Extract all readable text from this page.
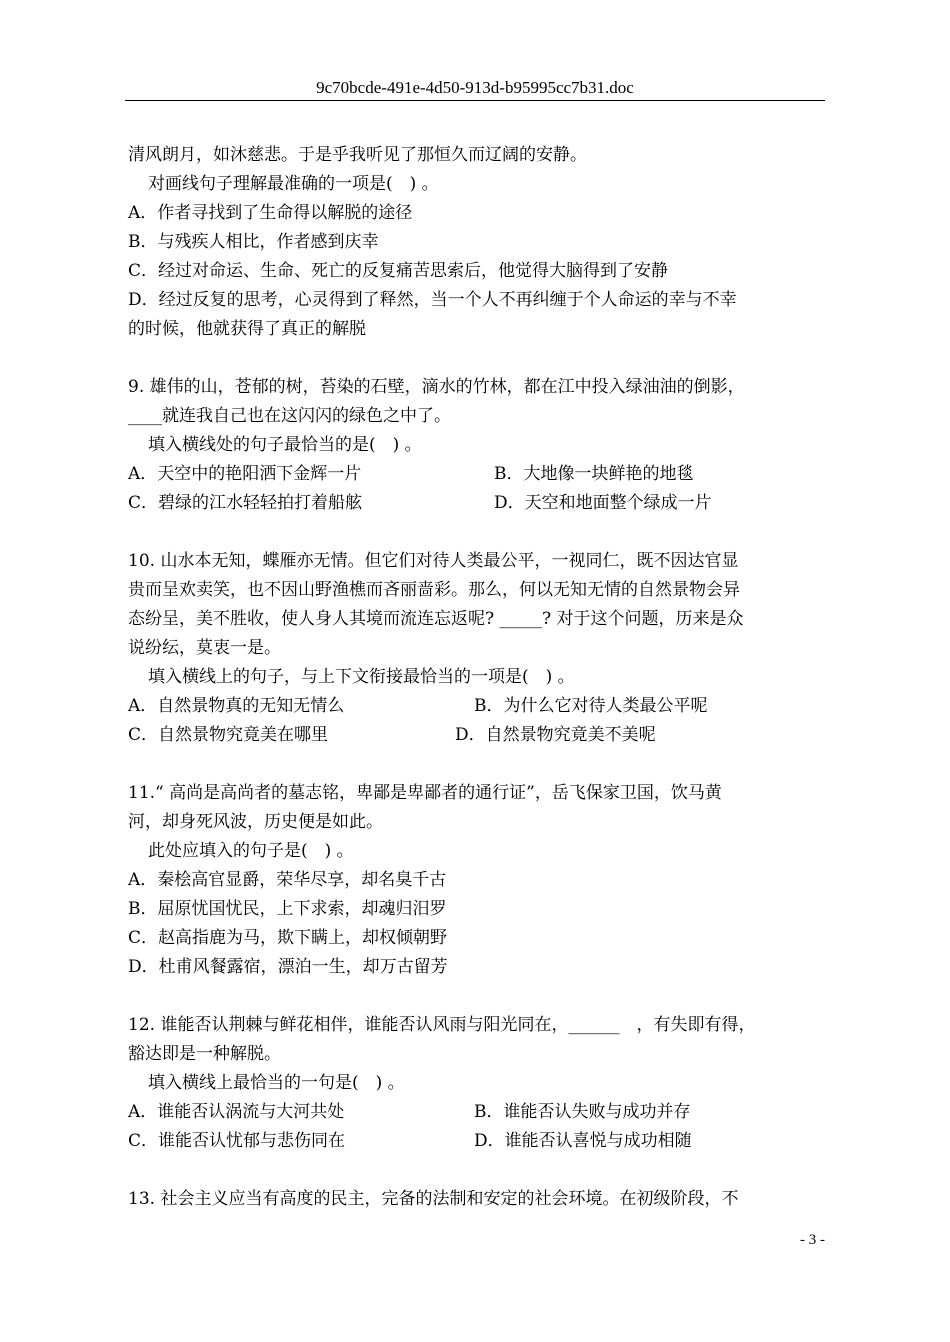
9c70bcde-491e-4d50-913d-b95995cc7b31.doc
清风朗月，如沐慈悲。于是乎我听见了那恒久而辽阔的安静。
对画线句子理解最准确的一项是(　) 。
A．作者寻找到了生命得以解脱的途径
B．与残疾人相比，作者感到庆幸
C．经过对命运、生命、死亡的反复痛苦思索后，他觉得大脑得到了安静
D．经过反复的思考，心灵得到了释然，当一个人不再纠缠于个人命运的幸与不幸
的时候，他就获得了真正的解脱
9. 雄伟的山，苍郁的树，苔染的石壁，滴水的竹林，都在江中投入绿油油的倒影，
____就连我自己也在这闪闪的绿色之中了。
填入横线处的句子最恰当的是(　) 。
A．天空中的艳阳洒下金辉一片	B．大地像一块鲜艳的地毯
C．碧绿的江水轻轻拍打着船舷	D．天空和地面整个绿成一片
10. 山水本无知，蝶雁亦无情。但它们对待人类最公平，一视同仁，既不因达官显
贵而呈欢卖笑，也不因山野渔樵而吝丽啬彩。那么，何以无知无情的自然景物会异
态纷呈，美不胜收，使人身人其境而流连忘返呢? _____? 对于这个问题，历来是众
说纷纭，莫衷一是。
填入横线上的句子，与上下文衔接最恰当的一项是(　) 。
A．自然景物真的无知无情么	B．为什么它对待人类最公平呢
C．自然景物究竟美在哪里	D．自然景物究竟美不美呢
11.“ 高尚是高尚者的墓志铭，卑鄙是卑鄙者的通行证”，岳飞保家卫国，饮马黄
河，却身死风波，历史便是如此。
此处应填入的句子是(　) 。
A．秦桧高官显爵，荣华尽享，却名臭千古
B．屈原忧国忧民，上下求索，却魂归汨罗
C．赵高指鹿为马，欺下瞒上，却权倾朝野
D．杜甫风餐露宿，漂泊一生，却万古留芳
12. 谁能否认荆棘与鲜花相伴，谁能否认风雨与阳光同在，______　，有失即有得，
豁达即是一种解脱。
填入横线上最恰当的一句是(　) 。
A．谁能否认涡流与大河共处	B．谁能否认失败与成功并存
C．谁能否认忧郁与悲伤同在	D．谁能否认喜悦与成功相随
13. 社会主义应当有高度的民主，完备的法制和安定的社会环境。在初级阶段，不
- 3 -
